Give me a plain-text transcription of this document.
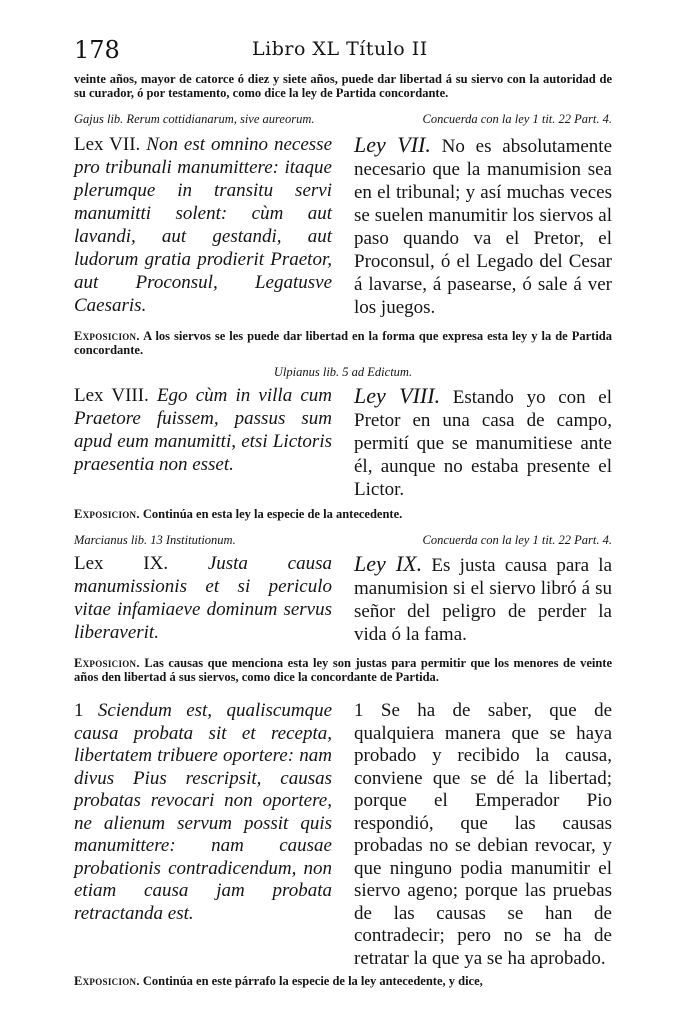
178	Libro XL Título II
veinte años, mayor de catorce ó diez y siete años, puede dar libertad á su siervo con la autoridad de su curador, ó por testamento, como dice la ley de Partida concordante.
Gajus lib. Rerum cottidianarum, sive aureorum.	Concuerda con la ley 1 tit. 22 Part. 4.
Lex VII. Non est omnino necesse pro tribunali manumittere: itaque plerumque in transitu servi manumitti solent: cùm aut lavandi, aut gestandi, aut ludorum gratia prodierit Praetor, aut Proconsul, Legatusve Caesaris.
Ley VII. No es absolutamente necesario que la manumision sea en el tribunal; y así muchas veces se suelen manumitir los siervos al paso quando va el Pretor, el Proconsul, ó el Legado del Cesar á lavarse, á pasearse, ó sale á ver los juegos.
Exposicion. A los siervos se les puede dar libertad en la forma que expresa esta ley y la de Partida concordante.
Ulpianus lib. 5 ad Edictum.
Lex VIII. Ego cùm in villa cum Praetore fuissem, passus sum apud eum manumitti, etsi Lictoris praesentia non esset.
Ley VIII. Estando yo con el Pretor en una casa de campo, permití que se manumitiese ante él, aunque no estaba presente el Lictor.
Exposicion. Continúa en esta ley la especie de la antecedente.
Marcianus lib. 13 Institutionum.	Concuerda con la ley 1 tit. 22 Part. 4.
Lex IX. Justa causa manumissionis et si periculo vitae infamiaeve dominum servus liberaverit.
Ley IX. Es justa causa para la manumision si el siervo libró á su señor del peligro de perder la vida ó la fama.
Exposicion. Las causas que menciona esta ley son justas para permitir que los menores de veinte años den libertad á sus siervos, como dice la concordante de Partida.
1 Sciendum est, qualiscumque causa probata sit et recepta, libertatem tribuere oportere: nam divus Pius rescripsit, causas probatas revocari non oportere, ne alienum servum possit quis manumittere: nam causae probationis contradicendum, non etiam causa jam probata retractanda est.
1 Se ha de saber, que de qualquiera manera que se haya probado y recibido la causa, conviene que se dé la libertad; porque el Emperador Pio respondió, que las causas probadas no se debian revocar, y que ninguno podia manumitir el siervo ageno; porque las pruebas de las causas se han de contradecir; pero no se ha de retratar la que ya se ha aprobado.
Exposicion. Continúa en este párrafo la especie de la ley antecedente, y dice,
